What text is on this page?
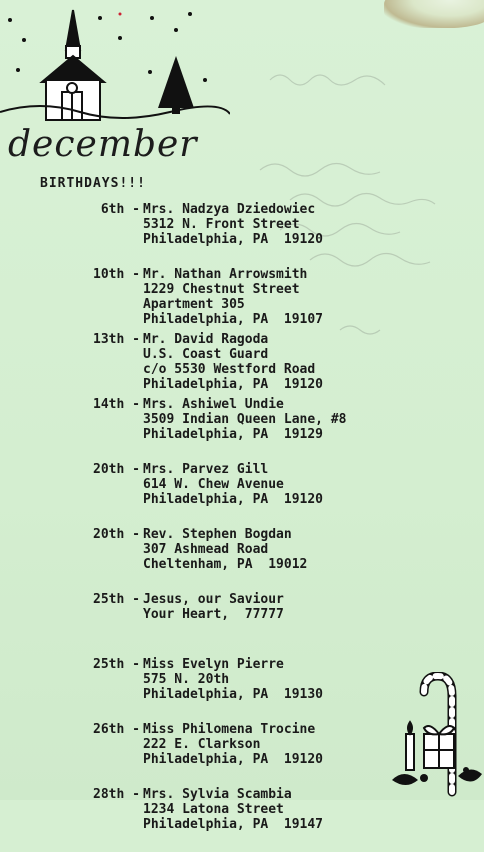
december
BIRTHDAYS!!!
6th - Mrs. Nadzya Dziedowiec
5312 N. Front Street
Philadelphia, PA  19120
10th - Mr. Nathan Arrowsmith
1229 Chestnut Street
Apartment 305
Philadelphia, PA  19107
13th - Mr. David Ragoda
U.S. Coast Guard
c/o 5530 Westford Road
Philadelphia, PA  19120
14th - Mrs. Ashiwel Undie
3509 Indian Queen Lane, #8
Philadelphia, PA  19129
20th - Mrs. Parvez Gill
614 W. Chew Avenue
Philadelphia, PA  19120
20th - Rev. Stephen Bogdan
307 Ashmead Road
Cheltenham, PA  19012
25th - Jesus, our Saviour
Your Heart,  77777
25th - Miss Evelyn Pierre
575 N. 20th
Philadelphia, PA  19130
26th - Miss Philomena Trocine
222 E. Clarkson
Philadelphia, PA  19120
28th - Mrs. Sylvia Scambia
1234 Latona Street
Philadelphia, PA  19147
